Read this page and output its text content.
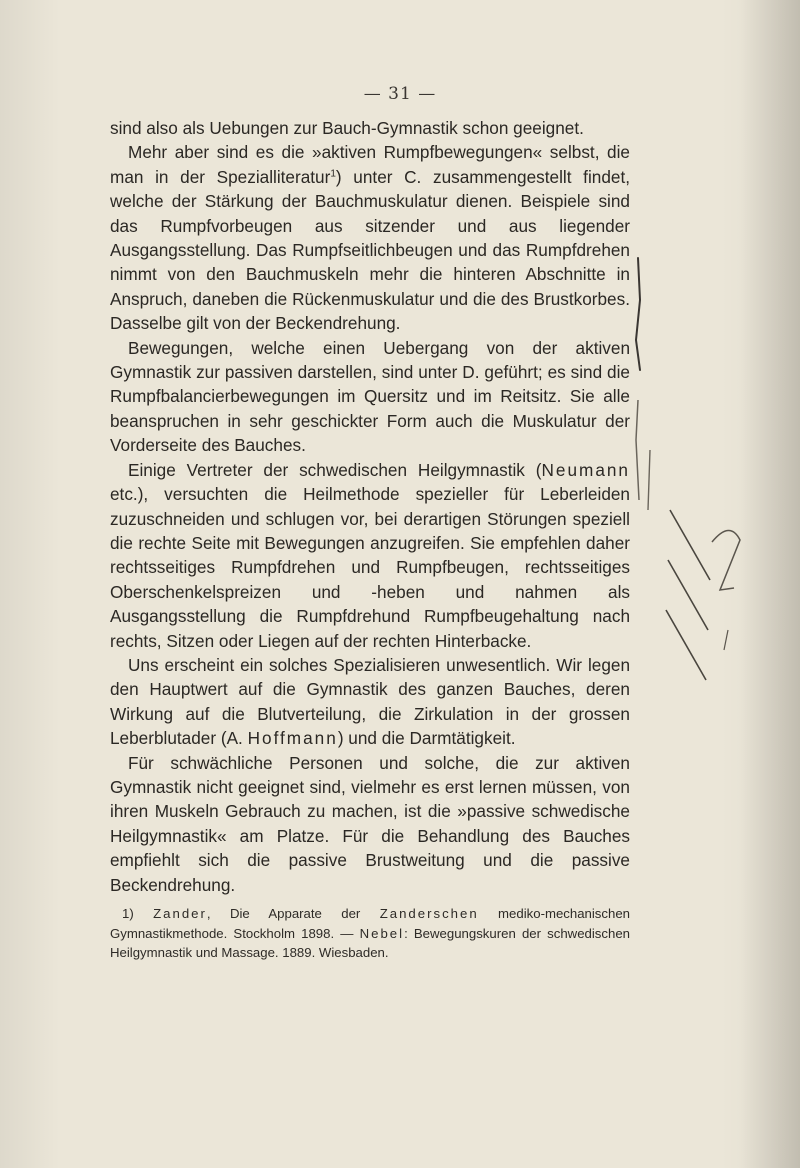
— 31 —

sind also als Uebungen zur Bauch-Gymnastik schon geeignet.

Mehr aber sind es die »aktiven Rumpfbewegungen« selbst, die man in der Spezialliteratur$^1$) unter C. zusammengestellt findet, welche der Stärkung der Bauchmuskulatur dienen. Beispiele sind das Rumpfvorbeugen aus sitzender und aus liegender Ausgangsstellung. Das Rumpfseitlichbeugen und das Rumpfdrehen nimmt von den Bauchmuskeln mehr die hinteren Abschnitte in Anspruch, daneben die Rückenmuskulatur und die des Brustkorbes. Dasselbe gilt von der Beckendrehung.

Bewegungen, welche einen Uebergang von der aktiven Gymnastik zur passiven darstellen, sind unter D. geführt; es sind die Rumpfbalancierbewegungen im Quersitz und im Reitsitz. Sie alle beanspruchen in sehr geschickter Form auch die Muskulatur der Vorderseite des Bauches.

Einige Vertreter der schwedischen Heilgymnastik (Neumann etc.), versuchten die Heilmethode spezieller für Leberleiden zuzuschneiden und schlugen vor, bei derartigen Störungen speziell die rechte Seite mit Bewegungen anzugreifen. Sie empfehlen daher rechtsseitiges Rumpfdrehen und Rumpfbeugen, rechtsseitiges Oberschenkelspreizen und -heben und nahmen als Ausgangsstellung die Rumpfdrehund Rumpfbeugehaltung nach rechts, Sitzen oder Liegen auf der rechten Hinterbacke.

Uns erscheint ein solches Spezialisieren unwesentlich. Wir legen den Hauptwert auf die Gymnastik des ganzen Bauches, deren Wirkung auf die Blutverteilung, die Zirkulation in der grossen Leberblutader (A. Hoffmann) und die Darmtätigkeit.

Für schwächliche Personen und solche, die zur aktiven Gymnastik nicht geeignet sind, vielmehr es erst lernen müssen, von ihren Muskeln Gebrauch zu machen, ist die »passive schwedische Heilgymnastik« am Platze. Für die Behandlung des Bauches empfiehlt sich die passive Brustweitung und die passive Beckendrehung.

1) Zander, Die Apparate der Zanderschen mediko-mechanischen Gymnastikmethode. Stockholm 1898. — Nebel: Bewegungskuren der schwedischen Heilgymnastik und Massage. 1889. Wiesbaden.
